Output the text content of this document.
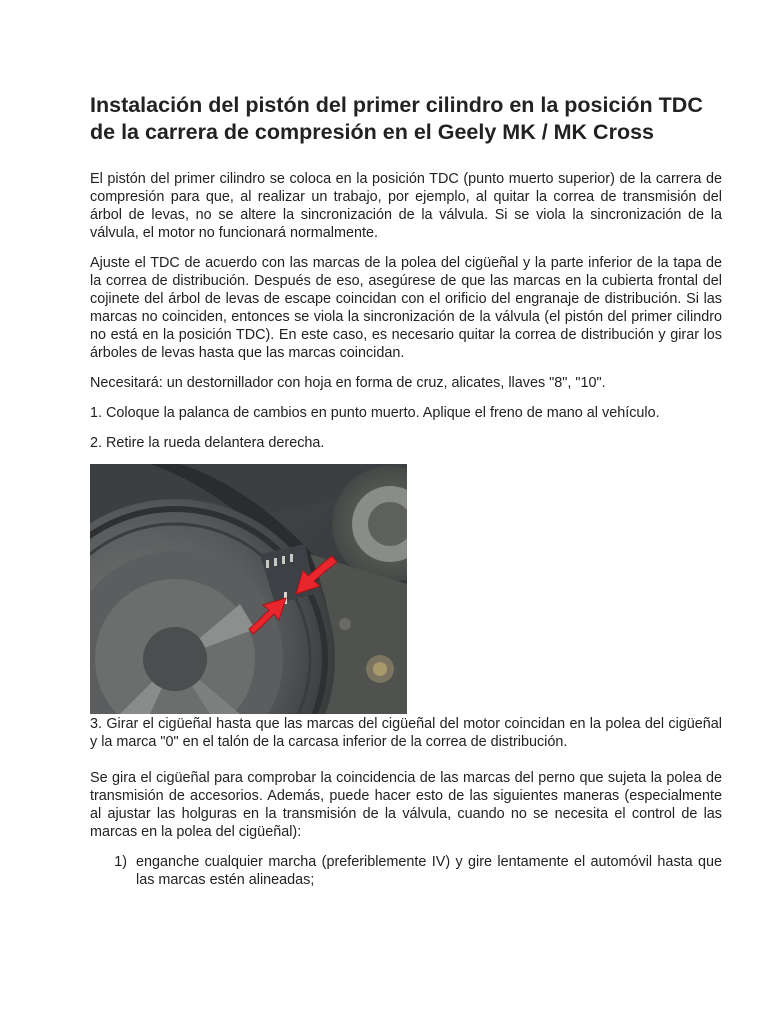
Instalación del pistón del primer cilindro en la posición TDC de la carrera de compresión en el Geely MK / MK Cross

El pistón del primer cilindro se coloca en la posición TDC (punto muerto superior) de la carrera de compresión para que, al realizar un trabajo, por ejemplo, al quitar la correa de transmisión del árbol de levas, no se altere la sincronización de la válvula. Si se viola la sincronización de la válvula, el motor no funcionará normalmente.

Ajuste el TDC de acuerdo con las marcas de la polea del cigüeñal y la parte inferior de la tapa de la correa de distribución. Después de eso, asegúrese de que las marcas en la cubierta frontal del cojinete del árbol de levas de escape coincidan con el orificio del engranaje de distribución. Si las marcas no coinciden, entonces se viola la sincronización de la válvula (el pistón del primer cilindro no está en la posición TDC). En este caso, es necesario quitar la correa de distribución y girar los árboles de levas hasta que las marcas coincidan.

Necesitará: un destornillador con hoja en forma de cruz, alicates, llaves "8", "10".

1. Coloque la palanca de cambios en punto muerto. Aplique el freno de mano al vehículo.

2. Retire la rueda delantera derecha.

3. Girar el cigüeñal hasta que las marcas del cigüeñal del motor coincidan en la polea del cigüeñal y la marca "0" en el talón de la carcasa inferior de la correa de distribución.

Se gira el cigüeñal para comprobar la coincidencia de las marcas del perno que sujeta la polea de transmisión de accesorios. Además, puede hacer esto de las siguientes maneras (especialmente al ajustar las holguras en la transmisión de la válvula, cuando no se necesita el control de las marcas en la polea del cigüeñal):

1) enganche cualquier marcha (preferiblemente IV) y gire lentamente el automóvil hasta que las marcas estén alineadas;
